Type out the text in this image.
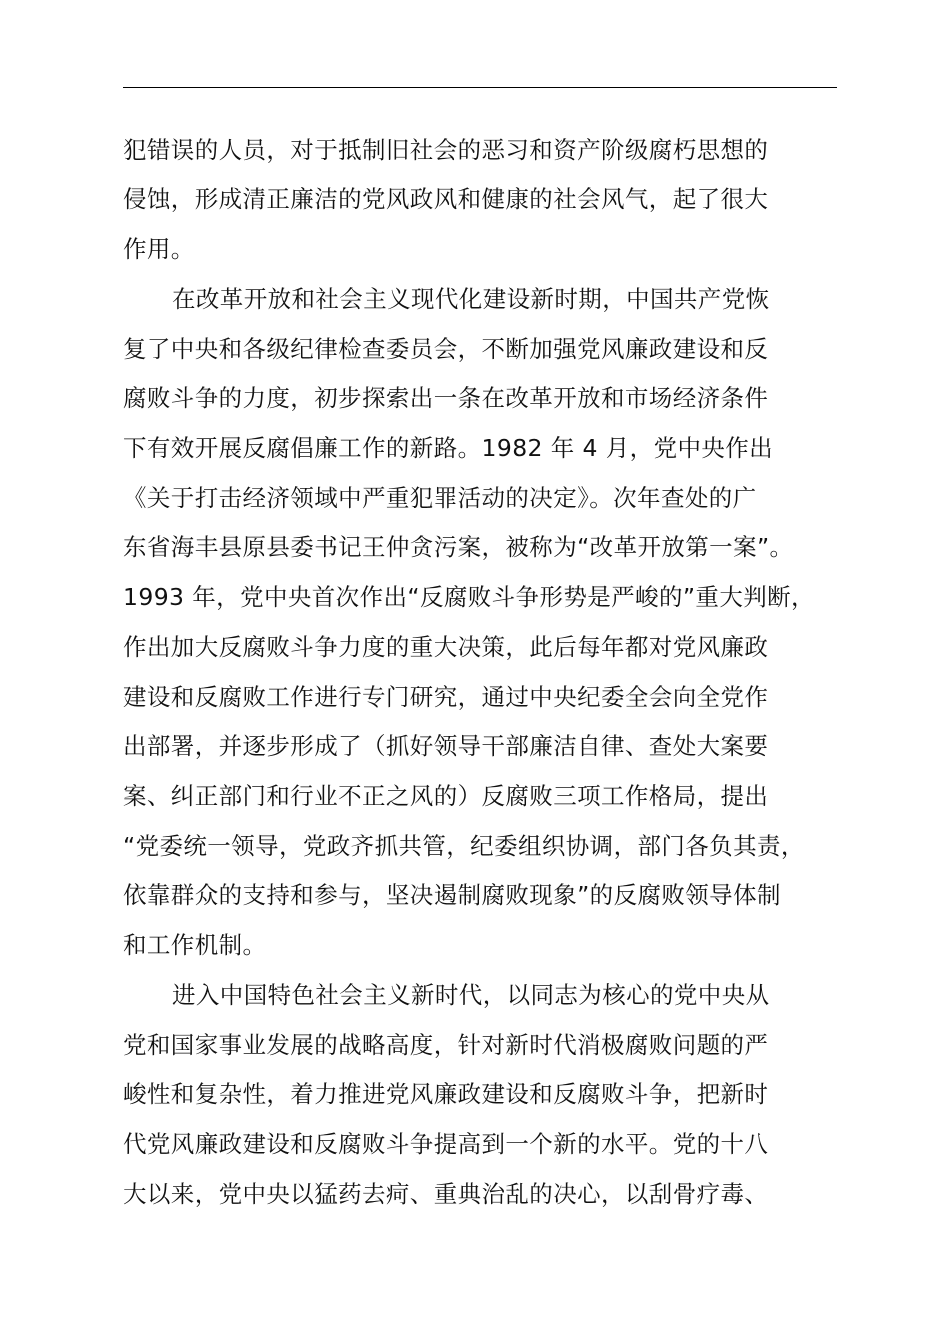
犯错误的人员，对于抵制旧社会的恶习和资产阶级腐朽思想的
侵蚀，形成清正廉洁的党风政风和健康的社会风气，起了很大
作用。
在改革开放和社会主义现代化建设新时期，中国共产党恢
复了中央和各级纪律检查委员会，不断加强党风廉政建设和反
腐败斗争的力度，初步探索出一条在改革开放和市场经济条件
下有效开展反腐倡廉工作的新路。1982 年 4 月，党中央作出
《关于打击经济领域中严重犯罪活动的决定》。次年查处的广
东省海丰县原县委书记王仲贪污案，被称为“改革开放第一案”。
1993 年，党中央首次作出“反腐败斗争形势是严峻的”重大判断，
作出加大反腐败斗争力度的重大决策，此后每年都对党风廉政
建设和反腐败工作进行专门研究，通过中央纪委全会向全党作
出部署，并逐步形成了（抓好领导干部廉洁自律、查处大案要
案、纠正部门和行业不正之风的）反腐败三项工作格局，提出
“党委统一领导，党政齐抓共管，纪委组织协调，部门各负其责，
依靠群众的支持和参与，坚决遏制腐败现象”的反腐败领导体制
和工作机制。
进入中国特色社会主义新时代，以同志为核心的党中央从
党和国家事业发展的战略高度，针对新时代消极腐败问题的严
峻性和复杂性，着力推进党风廉政建设和反腐败斗争，把新时
代党风廉政建设和反腐败斗争提高到一个新的水平。党的十八
大以来，党中央以猛药去疴、重典治乱的决心，以刮骨疗毒、
